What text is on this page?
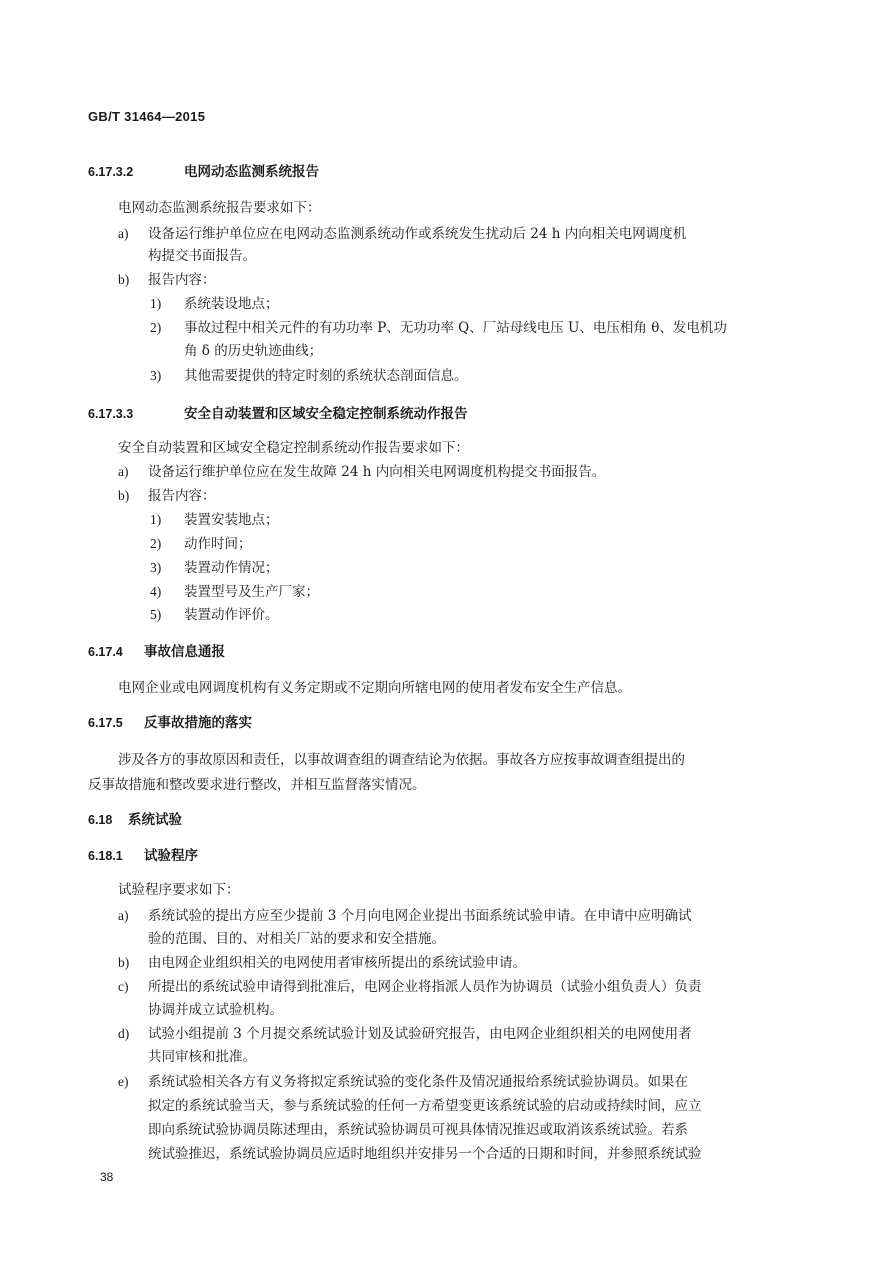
GB/T 31464—2015
6.17.3.2	电网动态监测系统报告
电网动态监测系统报告要求如下：
a) 设备运行维护单位应在电网动态监测系统动作或系统发生扰动后 24 h 内向相关电网调度机
构提交书面报告。
b) 报告内容：
1) 系统装设地点；
2) 事故过程中相关元件的有功功率 P、无功功率 Q、厂站母线电压 U、电压相角 θ、发电机功
角 δ 的历史轨迹曲线；
3) 其他需要提供的特定时刻的系统状态剖面信息。
6.17.3.3	安全自动装置和区域安全稳定控制系统动作报告
安全自动装置和区域安全稳定控制系统动作报告要求如下：
a) 设备运行维护单位应在发生故障 24 h 内向相关电网调度机构提交书面报告。
b) 报告内容：
1) 装置安装地点；
2) 动作时间；
3) 装置动作情况；
4) 装置型号及生产厂家；
5) 装置动作评价。
6.17.4 事故信息通报
电网企业或电网调度机构有义务定期或不定期向所辖电网的使用者发布安全生产信息。
6.17.5 反事故措施的落实
涉及各方的事故原因和责任，以事故调查组的调查结论为依据。事故各方应按事故调查组提出的
反事故措施和整改要求进行整改，并相互监督落实情况。
6.18 系统试验
6.18.1 试验程序
试验程序要求如下：
a) 系统试验的提出方应至少提前 3 个月向电网企业提出书面系统试验申请。在申请中应明确试
验的范围、目的、对相关厂站的要求和安全措施。
b) 由电网企业组织相关的电网使用者审核所提出的系统试验申请。
c) 所提出的系统试验申请得到批准后，电网企业将指派人员作为协调员（试验小组负责人）负责
协调并成立试验机构。
d) 试验小组提前 3 个月提交系统试验计划及试验研究报告，由电网企业组织相关的电网使用者
共同审核和批准。
e) 系统试验相关各方有义务将拟定系统试验的变化条件及情况通报给系统试验协调员。如果在
拟定的系统试验当天，参与系统试验的任何一方希望变更该系统试验的启动或持续时间，应立
即向系统试验协调员陈述理由，系统试验协调员可视具体情况推迟或取消该系统试验。若系
统试验推迟，系统试验协调员应适时地组织并安排另一个合适的日期和时间，并参照系统试验
38
